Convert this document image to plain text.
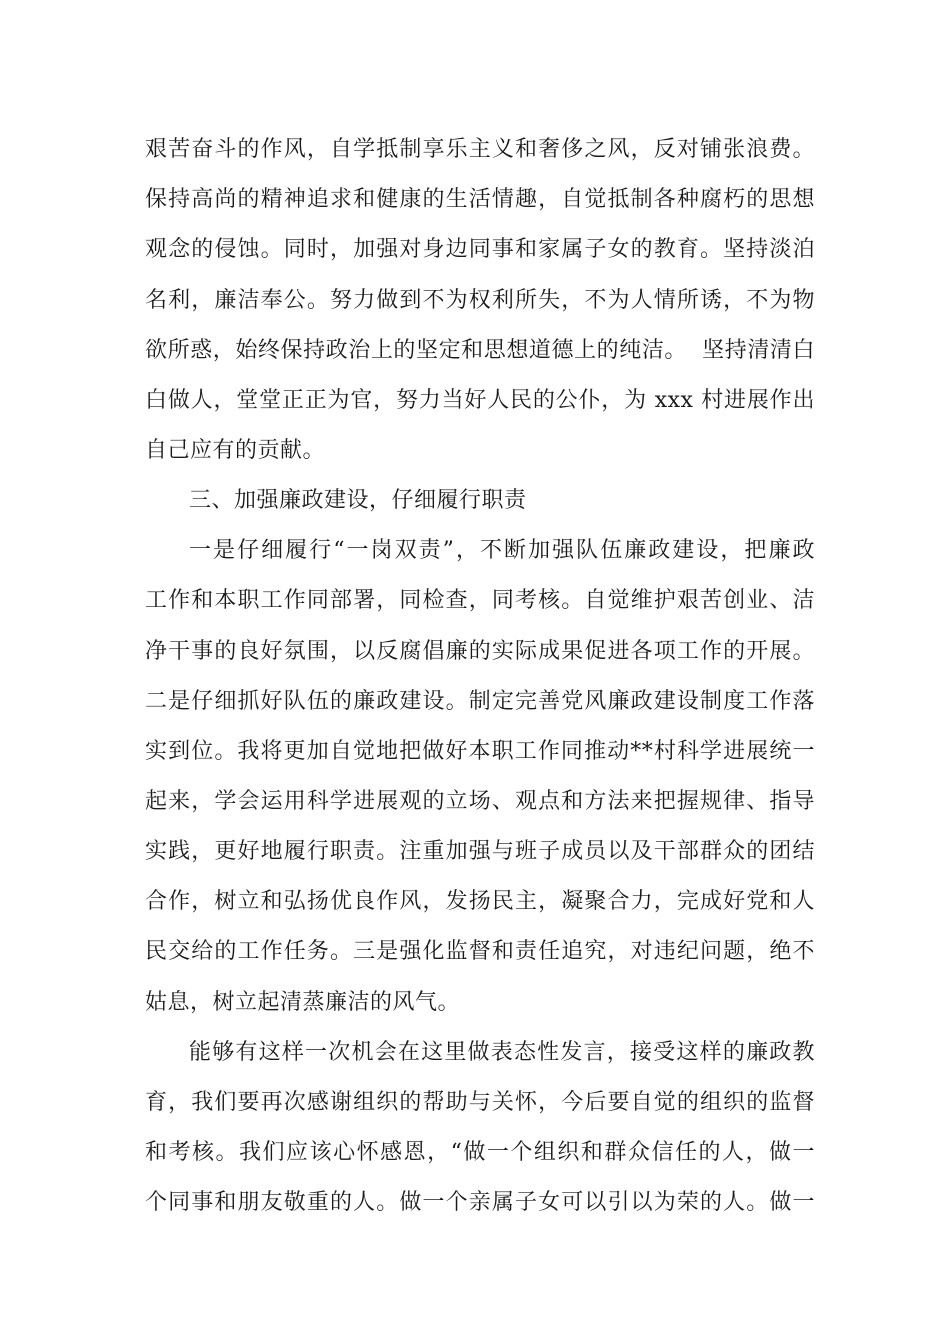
艰苦奋斗的作风，自学抵制享乐主义和奢侈之风，反对铺张浪费。
保持高尚的精神追求和健康的生活情趣，自觉抵制各种腐朽的思想
观念的侵蚀。同时，加强对身边同事和家属子女的教育。坚持淡泊
名利，廉洁奉公。努力做到不为权利所失，不为人情所诱，不为物
欲所惑，始终保持政治上的坚定和思想道德上的纯洁。  坚持清清白
白做人，堂堂正正为官，努力当好人民的公仆，为 xxx 村进展作出
自己应有的贡献。
三、加强廉政建设，仔细履行职责
一是仔细履行“一岗双责”，不断加强队伍廉政建设，把廉政
工作和本职工作同部署，同检查，同考核。自觉维护艰苦创业、洁
净干事的良好氛围，以反腐倡廉的实际成果促进各项工作的开展。
二是仔细抓好队伍的廉政建设。制定完善党风廉政建设制度工作落
实到位。我将更加自觉地把做好本职工作同推动**村科学进展统一
起来，学会运用科学进展观的立场、观点和方法来把握规律、指导
实践，更好地履行职责。注重加强与班子成员以及干部群众的团结
合作，树立和弘扬优良作风，发扬民主，凝聚合力，完成好党和人
民交给的工作任务。三是强化监督和责任追究，对违纪问题，绝不
姑息，树立起清蒸廉洁的风气。
能够有这样一次机会在这里做表态性发言，接受这样的廉政教
育，我们要再次感谢组织的帮助与关怀，今后要自觉的组织的监督
和考核。我们应该心怀感恩，“做一个组织和群众信任的人，做一
个同事和朋友敬重的人。做一个亲属子女可以引以为荣的人。做一
